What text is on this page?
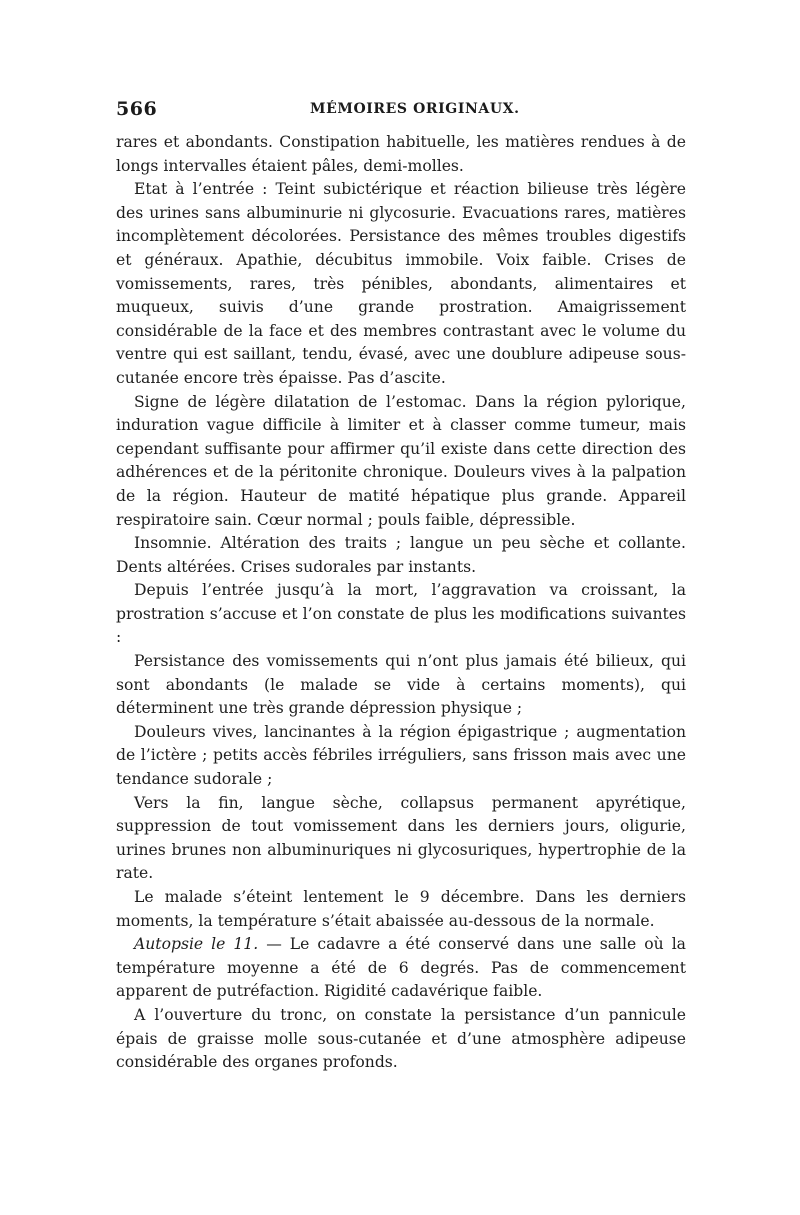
566	MÉMOIRES ORIGINAUX.

rares et abondants. Constipation habituelle, les matières rendues à de longs intervalles étaient pâles, demi-molles.

Etat à l’entrée : Teint subictérique et réaction bilieuse très légère des urines sans albuminurie ni glycosurie. Evacuations rares, matières incomplètement décolorées. Persistance des mêmes troubles digestifs et généraux. Apathie, décubitus immobile. Voix faible. Crises de vomissements, rares, très pénibles, abondants, alimentaires et muqueux, suivis d’une grande prostration. Amaigrissement considérable de la face et des membres contrastant avec le volume du ventre qui est saillant, tendu, évasé, avec une doublure adipeuse sous-cutanée encore très épaisse. Pas d’ascite.

Signe de légère dilatation de l’estomac. Dans la région pylorique, induration vague difficile à limiter et à classer comme tumeur, mais cependant suffisante pour affirmer qu’il existe dans cette direction des adhérences et de la péritonite chronique. Douleurs vives à la palpation de la région. Hauteur de matité hépatique plus grande. Appareil respiratoire sain. Cœur normal ; pouls faible, dépressible.

Insomnie. Altération des traits ; langue un peu sèche et collante. Dents altérées. Crises sudorales par instants.

Depuis l’entrée jusqu’à la mort, l’aggravation va croissant, la prostration s’accuse et l’on constate de plus les modifications suivantes :

Persistance des vomissements qui n’ont plus jamais été bilieux, qui sont abondants (le malade se vide à certains moments), qui déterminent une très grande dépression physique ;

Douleurs vives, lancinantes à la région épigastrique ; augmentation de l’ictère ; petits accès fébriles irréguliers, sans frisson mais avec une tendance sudorale ;

Vers la fin, langue sèche, collapsus permanent apyrétique, suppression de tout vomissement dans les derniers jours, oligurie, urines brunes non albuminuriques ni glycosuriques, hypertrophie de la rate.

Le malade s’éteint lentement le 9 décembre. Dans les derniers moments, la température s’était abaissée au-dessous de la normale.

Autopsie le 11. — Le cadavre a été conservé dans une salle où la température moyenne a été de 6 degrés. Pas de commencement apparent de putréfaction. Rigidité cadavérique faible.

A l’ouverture du tronc, on constate la persistance d’un pannicule épais de graisse molle sous-cutanée et d’une atmosphère adipeuse considérable des organes profonds.
